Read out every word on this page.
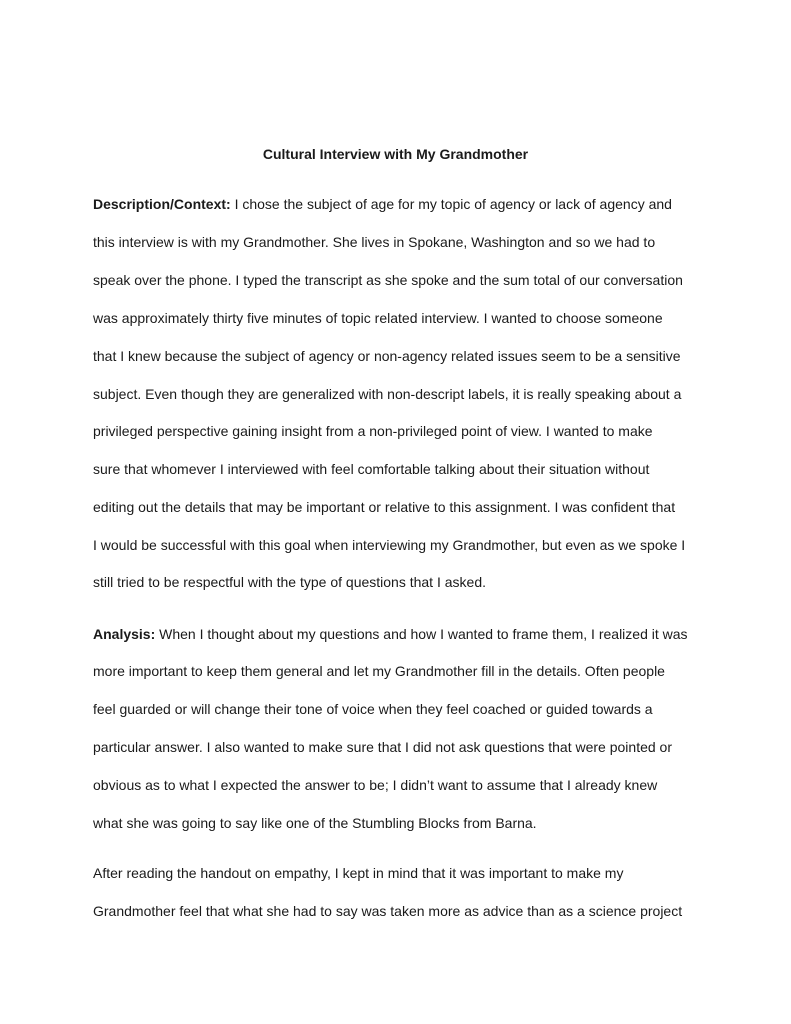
Cultural Interview with My Grandmother
Description/Context: I chose the subject of age for my topic of agency or lack of agency and
this interview is with my Grandmother. She lives in Spokane, Washington and so we had to
speak over the phone. I typed the transcript as she spoke and the sum total of our conversation
was approximately thirty five minutes of topic related interview. I wanted to choose someone
that I knew because the subject of agency or non-agency related issues seem to be a sensitive
subject. Even though they are generalized with non-descript labels, it is really speaking about a
privileged perspective gaining insight from a non-privileged point of view. I wanted to make
sure that whomever I interviewed with feel comfortable talking about their situation without
editing out the details that may be important or relative to this assignment. I was confident that
I would be successful with this goal when interviewing my Grandmother, but even as we spoke I
still tried to be respectful with the type of questions that I asked.
Analysis: When I thought about my questions and how I wanted to frame them, I realized it was
more important to keep them general and let my Grandmother fill in the details. Often people
feel guarded or will change their tone of voice when they feel coached or guided towards a
particular answer. I also wanted to make sure that I did not ask questions that were pointed or
obvious as to what I expected the answer to be; I didn’t want to assume that I already knew
what she was going to say like one of the Stumbling Blocks from Barna.
After reading the handout on empathy, I kept in mind that it was important to make my
Grandmother feel that what she had to say was taken more as advice than as a science project
